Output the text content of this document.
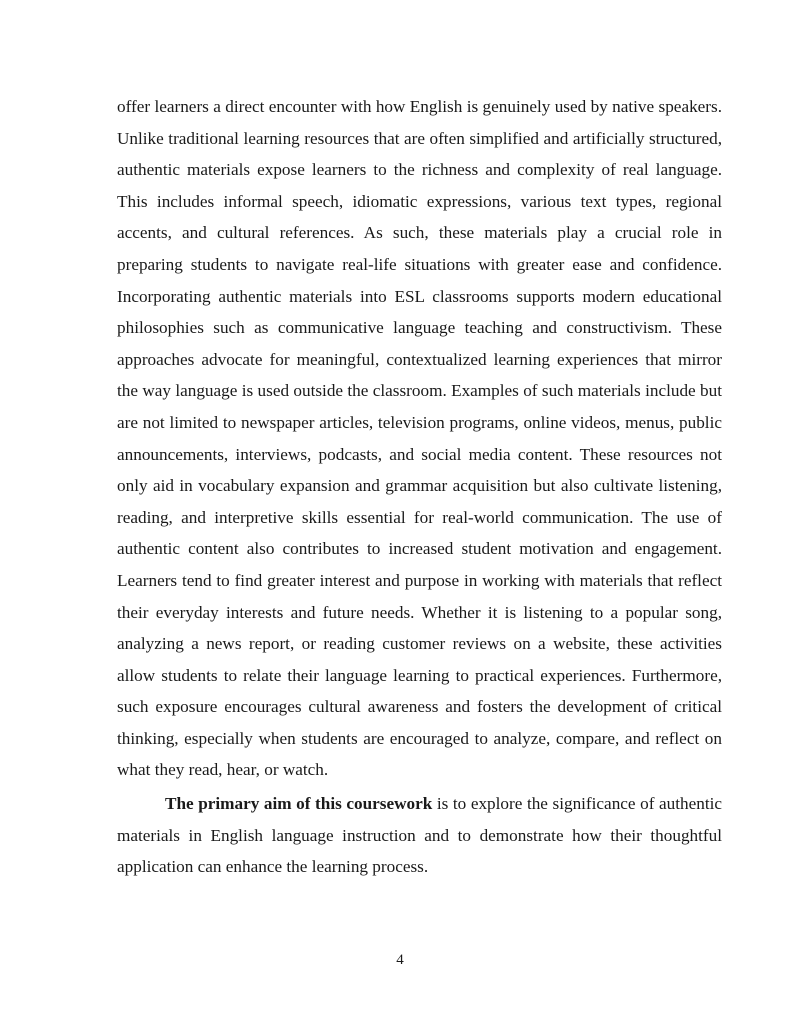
offer learners a direct encounter with how English is genuinely used by native speakers. Unlike traditional learning resources that are often simplified and artificially structured, authentic materials expose learners to the richness and complexity of real language. This includes informal speech, idiomatic expressions, various text types, regional accents, and cultural references. As such, these materials play a crucial role in preparing students to navigate real-life situations with greater ease and confidence. Incorporating authentic materials into ESL classrooms supports modern educational philosophies such as communicative language teaching and constructivism. These approaches advocate for meaningful, contextualized learning experiences that mirror the way language is used outside the classroom. Examples of such materials include but are not limited to newspaper articles, television programs, online videos, menus, public announcements, interviews, podcasts, and social media content. These resources not only aid in vocabulary expansion and grammar acquisition but also cultivate listening, reading, and interpretive skills essential for real-world communication. The use of authentic content also contributes to increased student motivation and engagement. Learners tend to find greater interest and purpose in working with materials that reflect their everyday interests and future needs. Whether it is listening to a popular song, analyzing a news report, or reading customer reviews on a website, these activities allow students to relate their language learning to practical experiences. Furthermore, such exposure encourages cultural awareness and fosters the development of critical thinking, especially when students are encouraged to analyze, compare, and reflect on what they read, hear, or watch.

The primary aim of this coursework is to explore the significance of authentic materials in English language instruction and to demonstrate how their thoughtful application can enhance the learning process.

4
